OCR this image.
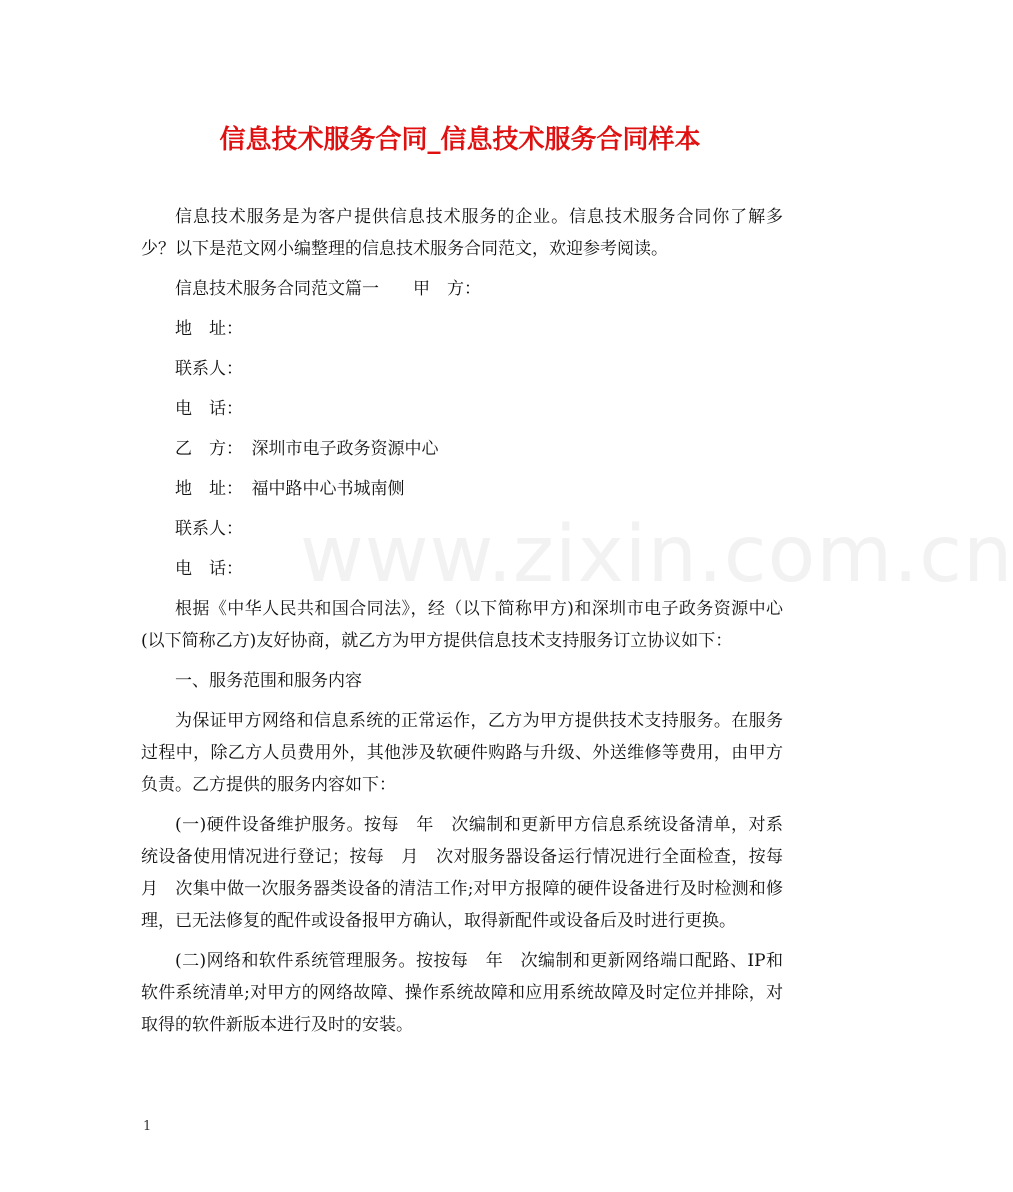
信息技术服务合同_信息技术服务合同样本

信息技术服务是为客户提供信息技术服务的企业。信息技术服务合同你了解多少？以下是范文网小编整理的信息技术服务合同范文，欢迎参考阅读。

信息技术服务合同范文篇一　　甲　方：

地　址：

联系人：

电　话：

乙　方：　深圳市电子政务资源中心

地　址：　福中路中心书城南侧

联系人：

电　话：

根据《中华人民共和国合同法》，经（以下简称甲方)和深圳市电子政务资源中心(以下简称乙方)友好协商，就乙方为甲方提供信息技术支持服务订立协议如下：

一、服务范围和服务内容

为保证甲方网络和信息系统的正常运作，乙方为甲方提供技术支持服务。在服务过程中，除乙方人员费用外，其他涉及软硬件购路与升级、外送维修等费用，由甲方负责。乙方提供的服务内容如下：

(一)硬件设备维护服务。按每　年　次编制和更新甲方信息系统设备清单，对系统设备使用情况进行登记；按每　月　次对服务器设备运行情况进行全面检查，按每　月　次集中做一次服务器类设备的清洁工作;对甲方报障的硬件设备进行及时检测和修理，已无法修复的配件或设备报甲方确认，取得新配件或设备后及时进行更换。

(二)网络和软件系统管理服务。按按每　年　次编制和更新网络端口配路、IP和软件系统清单;对甲方的网络故障、操作系统故障和应用系统故障及时定位并排除，对取得的软件新版本进行及时的安装。

www.zixin.com.cn
1
